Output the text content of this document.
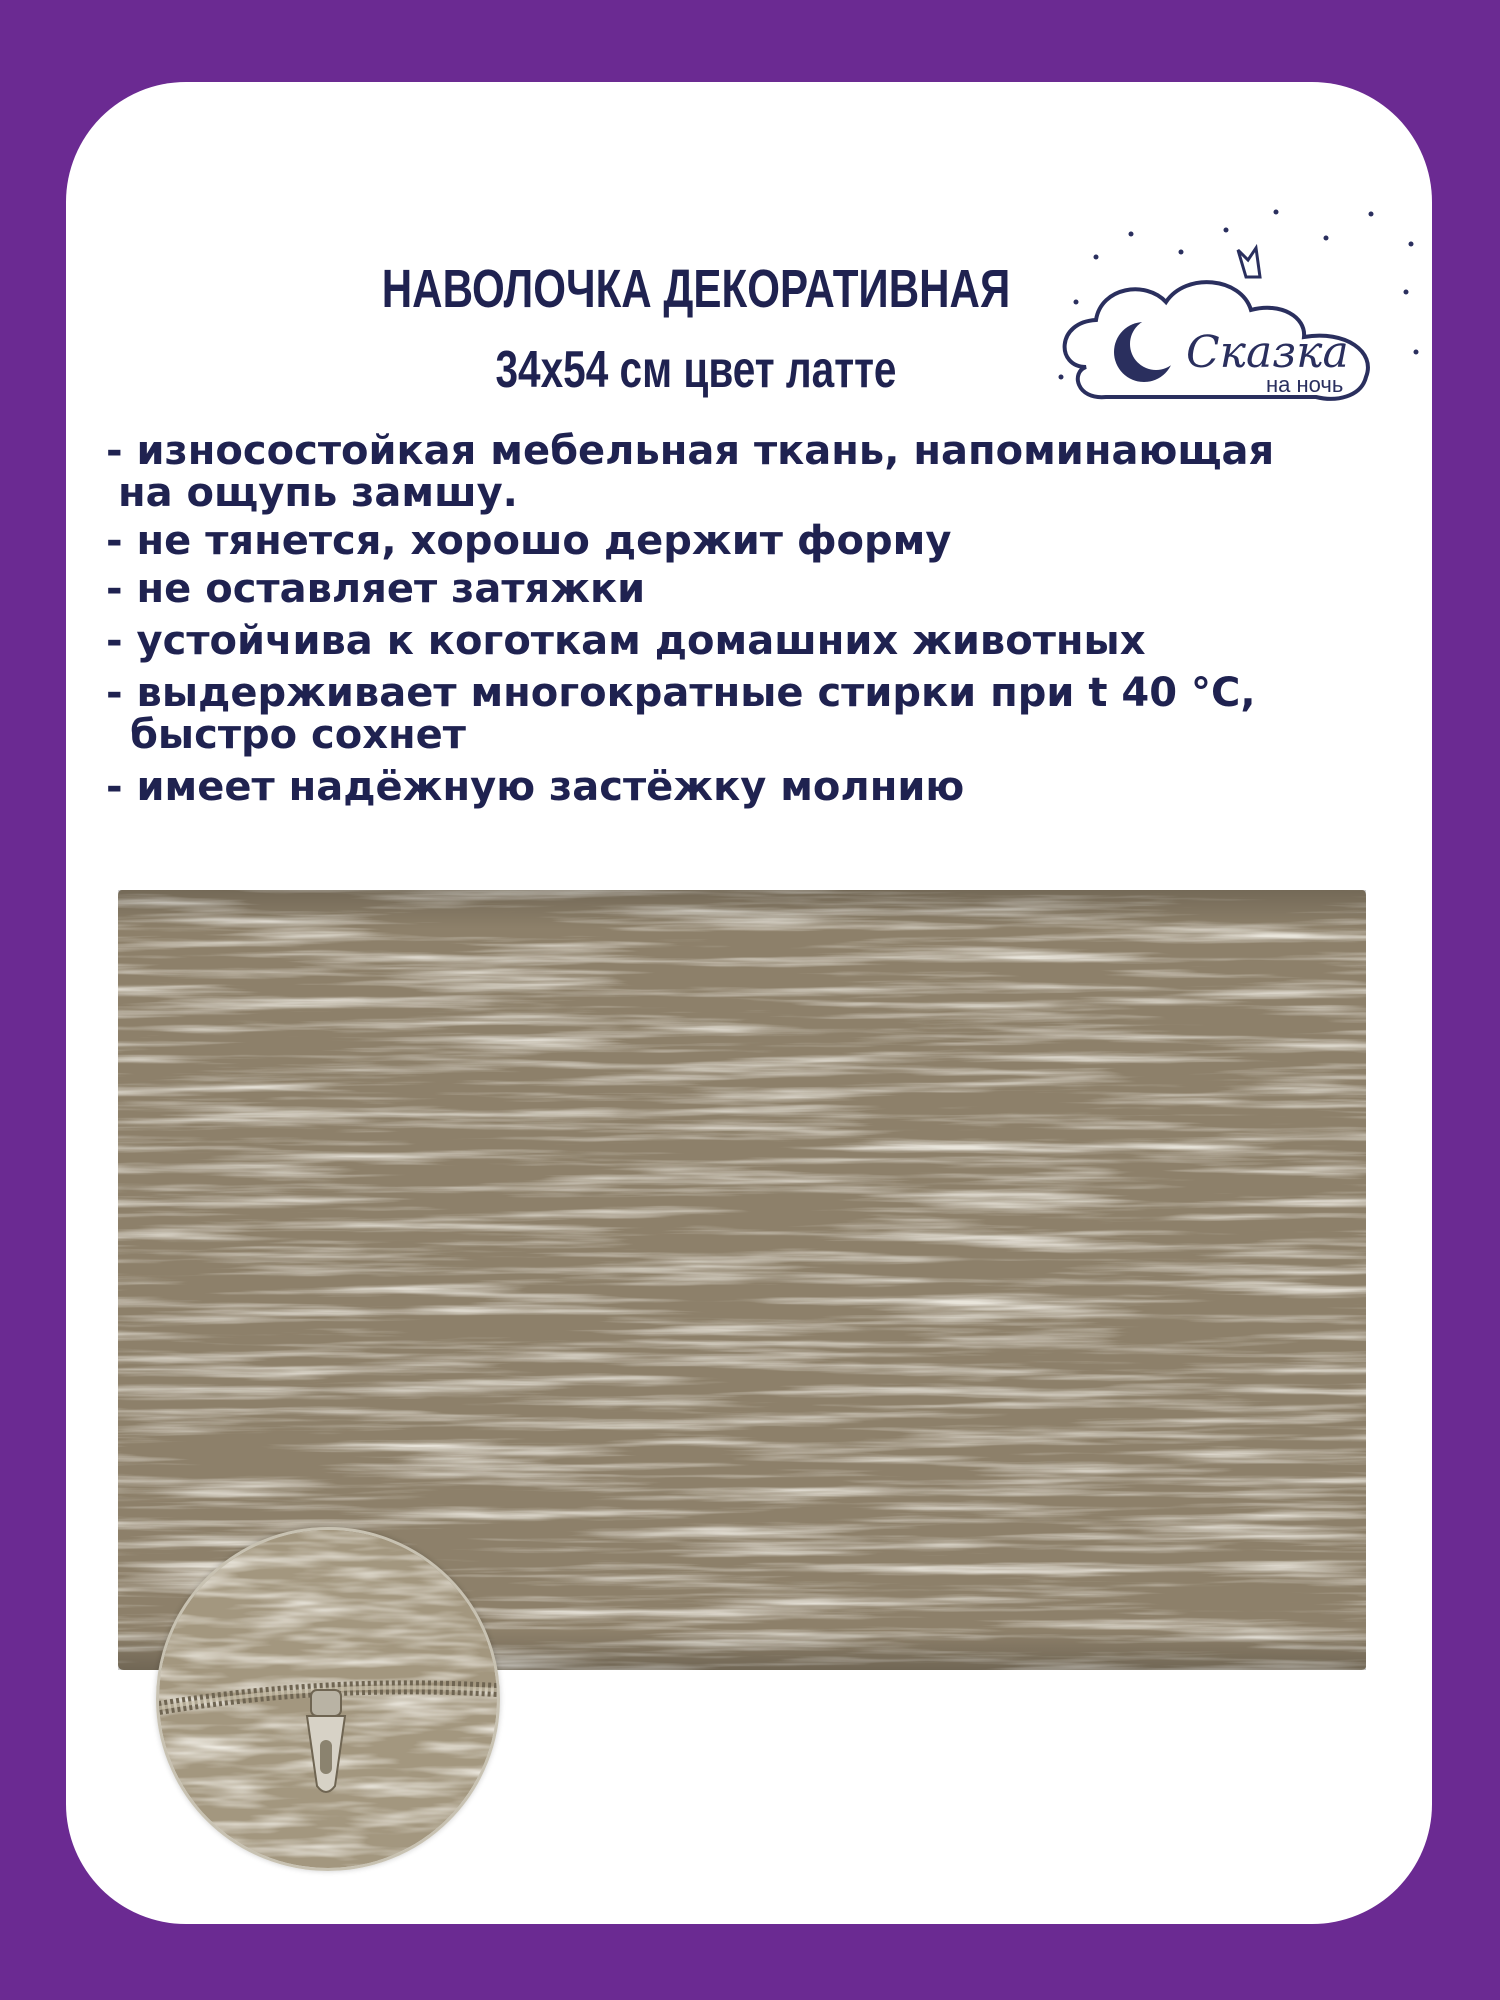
Сказка
на ночь
НАВОЛОЧКА ДЕКОРАТИВНАЯ
34x54 см цвет латте
- износостойкая мебельная ткань, напоминающая
на ощупь замшу.
- не тянется, хорошо держит форму
- не оставляет затяжки
- устойчива к коготкам домашних животных
- выдерживает многократные стирки при t 40 °C,
быстро сохнет
- имеет надёжную застёжку молнию
